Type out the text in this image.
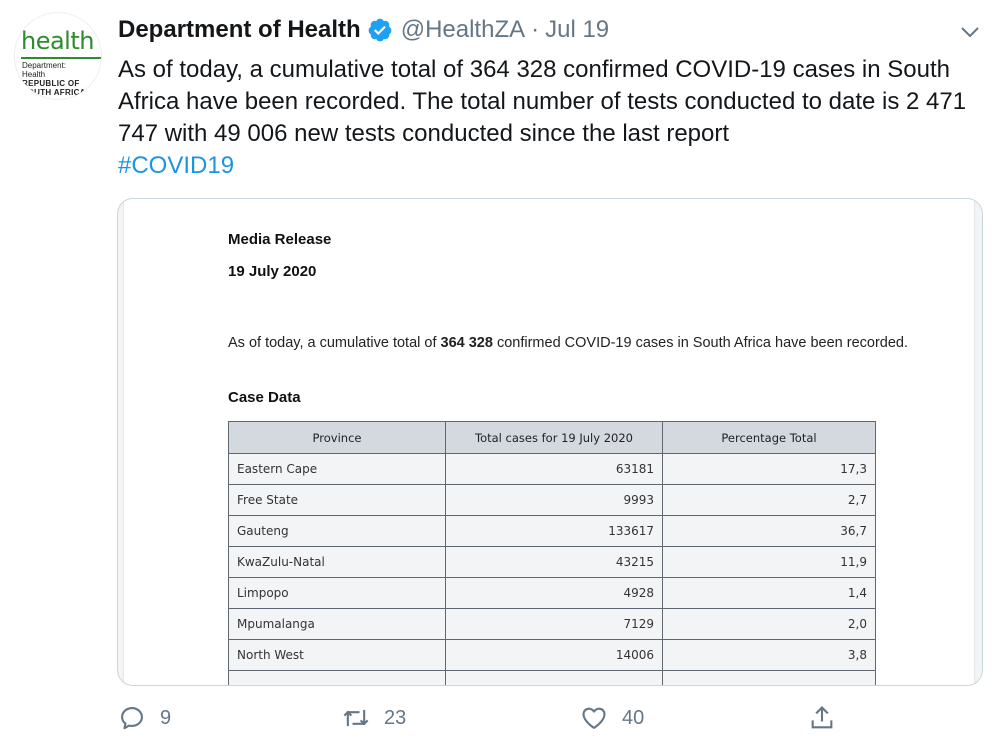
health
Department:
Health
REPUBLIC OF SOUTH AFRICA
Department of Health @HealthZA · Jul 19
As of today, a cumulative total of 364 328 confirmed COVID-19 cases in South Africa have been recorded. The total number of tests conducted to date is 2 471 747 with 49 006 new tests conducted since the last report
#COVID19
Media Release
19 July 2020
As of today, a cumulative total of 364 328 confirmed COVID-19 cases in South Africa have been recorded.
Case Data
Province	Total cases for 19 July 2020	Percentage Total
Eastern Cape	63181	17,3
Free State	9993	2,7
Gauteng	133617	36,7
KwaZulu-Natal	43215	11,9
Limpopo	4928	1,4
Mpumalanga	7129	2,0
North West	14006	3,8

9	23	40
